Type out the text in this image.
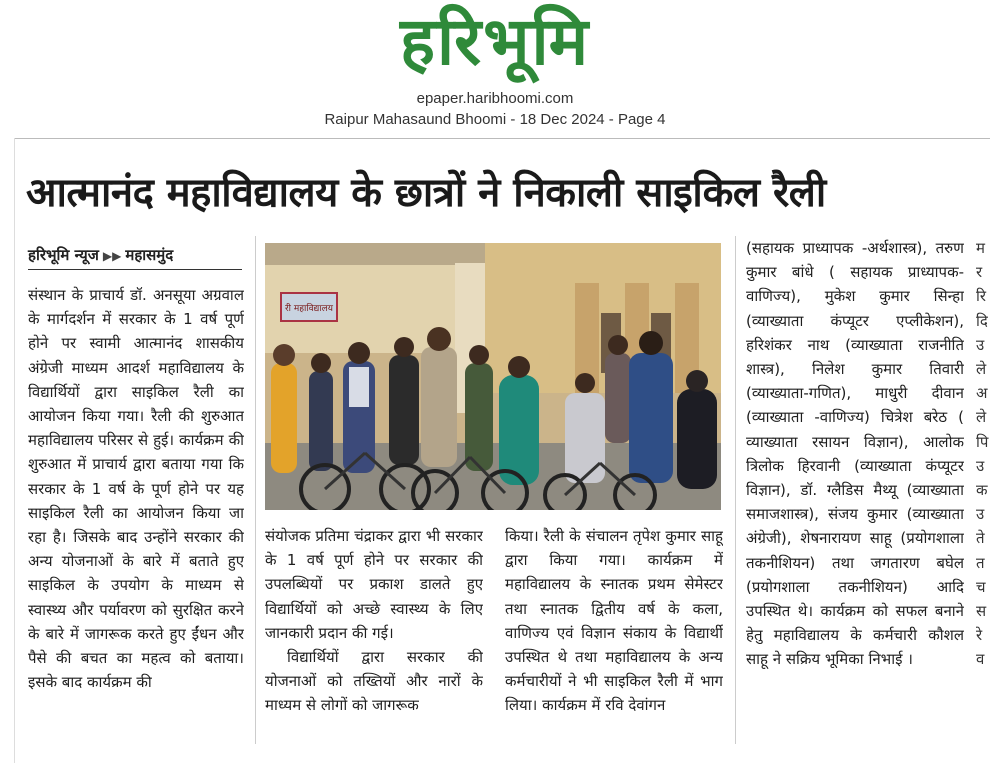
हरिभूमि
epaper.haribhoomi.com
Raipur Mahasaund Bhoomi - 18 Dec 2024 - Page 4
आत्मानंद महाविद्यालय के छात्रों ने निकाली साइकिल रैली
हरिभूमि न्यूज ▶▶ महासमुंद

संस्थान के प्राचार्य डॉ. अनसूया अग्रवाल के मार्गदर्शन में सरकार के 1 वर्ष पूर्ण होने पर स्वामी आत्मानंद शासकीय अंग्रेजी माध्यम आदर्श महाविद्यालय के विद्यार्थियों द्वारा साइकिल रैली का आयोजन किया गया। रैली की शुरुआत महाविद्यालय परिसर से हुई। कार्यक्रम की शुरुआत में प्राचार्य द्वारा बताया गया कि सरकार के 1 वर्ष के पूर्ण होने पर यह साइकिल रैली का आयोजन किया जा रहा है। जिसके बाद उन्होंने सरकार की अन्य योजनाओं के बारे में बताते हुए साइकिल के उपयोग के माध्यम से स्वास्थ्य और पर्यावरण को सुरक्षित करने के बारे में जागरूक करते हुए ईंधन और पैसे की बचत का महत्व को बताया। इसके बाद कार्यक्रम की

री महाविद्यालय

संयोजक प्रतिमा चंद्राकर द्वारा भी सरकार के 1 वर्ष पूर्ण होने पर सरकार की उपलब्धियों पर प्रकाश डालते हुए विद्यार्थियों को अच्छे स्वास्थ्य के लिए जानकारी प्रदान की गई।

विद्यार्थियों द्वारा सरकार की योजनाओं को तख्तियों और नारों के माध्यम से लोगों को जागरूक

किया। रैली के संचालन तृपेश कुमार साहू द्वारा किया गया। कार्यक्रम में महाविद्यालय के स्नातक प्रथम सेमेस्टर तथा स्नातक द्वितीय वर्ष के कला, वाणिज्य एवं विज्ञान संकाय के विद्यार्थी उपस्थित थे तथा महाविद्यालय के अन्य कर्मचारीयों ने भी साइकिल रैली में भाग लिया। कार्यक्रम में रवि देवांगन

(सहायक प्राध्यापक -अर्थशास्त्र), तरुण कुमार बांधे ( सहायक प्राध्यापक- वाणिज्य), मुकेश कुमार सिन्हा (व्याख्याता कंप्यूटर एप्लीकेशन), हरिशंकर नाथ (व्याख्याता राजनीति शास्त्र), निलेश कुमार तिवारी (व्याख्याता-गणित), माधुरी दीवान (व्याख्याता -वाणिज्य) चित्रेश बरेठ ( व्याख्याता रसायन विज्ञान), आलोक त्रिलोक हिरवानी (व्याख्याता कंप्यूटर विज्ञान), डॉ. ग्लैडिस मैथ्यू (व्याख्याता समाजशास्त्र), संजय कुमार (व्याख्याता अंग्रेजी), शेषनारायण साहू (प्रयोगशाला तकनीशियन) तथा जगतारण बघेल (प्रयोगशाला तकनीशियन) आदि उपस्थित थे। कार्यक्रम को सफल बनाने हेतु महाविद्यालय के कर्मचारी कौशल साहू ने सक्रिय भूमिका निभाई ।

म र रि दि उ ले अ ले पि उ क उ ते त च स रे व
